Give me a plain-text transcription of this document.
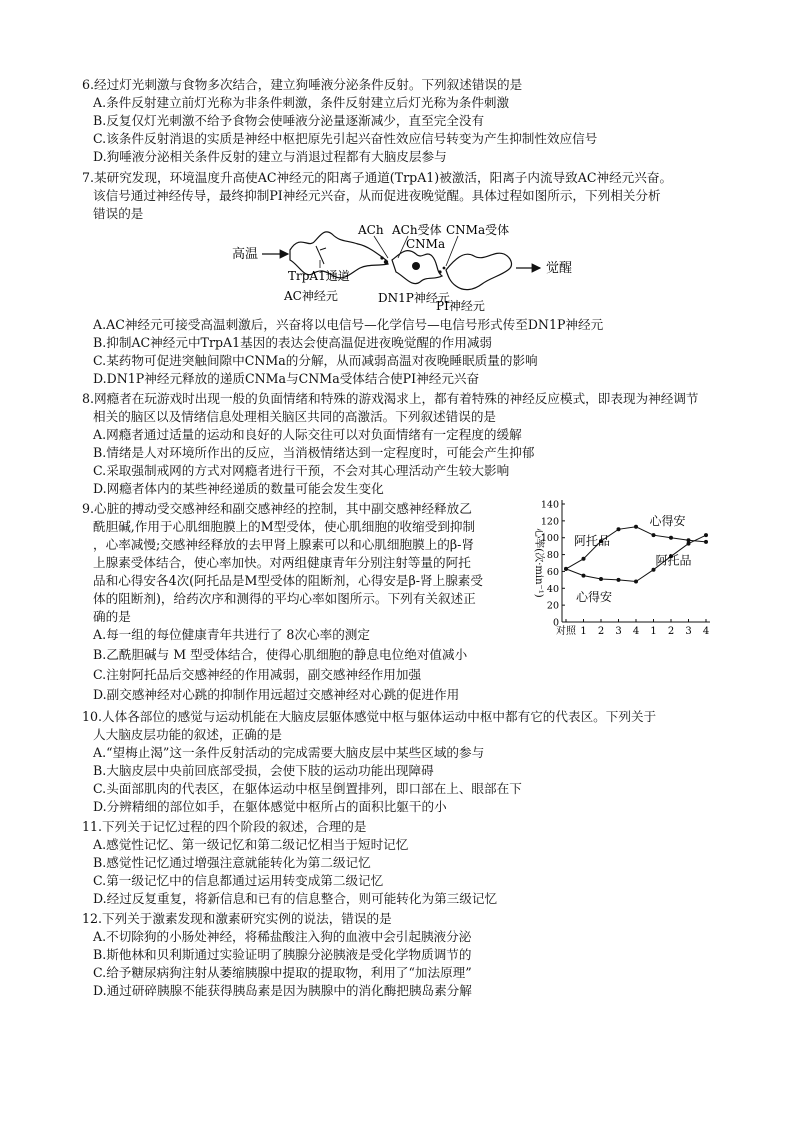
6.经过灯光刺激与食物多次结合，建立狗唾液分泌条件反射。下列叙述错误的是
A.条件反射建立前灯光称为非条件刺激，条件反射建立后灯光称为条件刺激
B.反复仅灯光刺激不给予食物会使唾液分泌量逐渐减少，直至完全没有
C.该条件反射消退的实质是神经中枢把原先引起兴奋性效应信号转变为产生抑制性效应信号
D.狗唾液分泌相关条件反射的建立与消退过程都有大脑皮层参与
7.某研究发现，环境温度升高使AC神经元的阳离子通道(TrpA1)被激活，阳离子内流导致AC神经元兴奋。
该信号通过神经传导，最终抑制PI神经元兴奋，从而促进夜晚觉醒。具体过程如图所示，下列相关分析
错误的是
高温
TrpA1通道
AC神经元
ACh ACh受体
CNMa
DN1P神经元
CNMa受体
PI神经元
觉醒
A.AC神经元可接受高温刺激后，兴奋将以电信号—化学信号—电信号形式传至DN1P神经元
B.抑制AC神经元中TrpA1基因的表达会使高温促进夜晚觉醒的作用减弱
C.某药物可促进突触间隙中CNMa的分解，从而减弱高温对夜晚睡眠质量的影响
D.DN1P神经元释放的递质CNMa与CNMa受体结合使PI神经元兴奋
8.网瘾者在玩游戏时出现一般的负面情绪和特殊的游戏渴求上，都有着特殊的神经反应模式，即表现为神经调节
相关的脑区以及情绪信息处理相关脑区共同的高激活。下列叙述错误的是
A.网瘾者通过适量的运动和良好的人际交往可以对负面情绪有一定程度的缓解
B.情绪是人对环境所作出的反应，当消极情绪达到一定程度时，可能会产生抑郁
C.采取强制戒网的方式对网瘾者进行干预，不会对其心理活动产生较大影响
D.网瘾者体内的某些神经递质的数量可能会发生变化
9.心脏的搏动受交感神经和副交感神经的控制，其中副交感神经释放乙
酰胆碱,作用于心肌细胞膜上的M型受体，使心肌细胞的收缩受到抑制
，心率减慢;交感神经释放的去甲肾上腺素可以和心肌细胞膜上的β-肾
上腺素受体结合，使心率加快。对两组健康青年分别注射等量的阿托
品和心得安各4次(阿托品是M型受体的阻断剂，心得安是β-肾上腺素受
体的阻断剂)，给药次序和测得的平均心率如图所示。下列有关叙述正
确的是	0
20
40
60
80
100
120
140
对照 1 2 3 4 1 2 3 4
阿托品
心得安
阿托品
心得安
心率(次·min⁻¹)
A.每一组的每位健康青年共进行了 8次心率的测定
B.乙酰胆碱与 M 型受体结合，使得心肌细胞的静息电位绝对值减小
C.注射阿托品后交感神经的作用减弱，副交感神经作用加强
D.副交感神经对心跳的抑制作用远超过交感神经对心跳的促进作用
10.人体各部位的感觉与运动机能在大脑皮层躯体感觉中枢与躯体运动中枢中都有它的代表区。下列关于
人大脑皮层功能的叙述，正确的是
A.“望梅止渴”这一条件反射活动的完成需要大脑皮层中某些区域的参与
B.大脑皮层中央前回底部受损，会使下肢的运动功能出现障碍
C.头面部肌肉的代表区，在躯体运动中枢呈倒置排列，即口部在上、眼部在下
D.分辨精细的部位如手，在躯体感觉中枢所占的面积比躯干的小
11.下列关于记忆过程的四个阶段的叙述，合理的是
A.感觉性记忆、第一级记忆和第二级记忆相当于短时记忆
B.感觉性记忆通过增强注意就能转化为第二级记忆
C.第一级记忆中的信息都通过运用转变成第二级记忆
D.经过反复重复，将新信息和已有的信息整合，则可能转化为第三级记忆
12.下列关于激素发现和激素研究实例的说法，错误的是
A.不切除狗的小肠处神经，将稀盐酸注入狗的血液中会引起胰液分泌
B.斯他林和贝利斯通过实验证明了胰腺分泌胰液是受化学物质调节的
C.给予糖尿病狗注射从萎缩胰腺中提取的提取物，利用了“加法原理”
D.通过研碎胰腺不能获得胰岛素是因为胰腺中的消化酶把胰岛素分解
